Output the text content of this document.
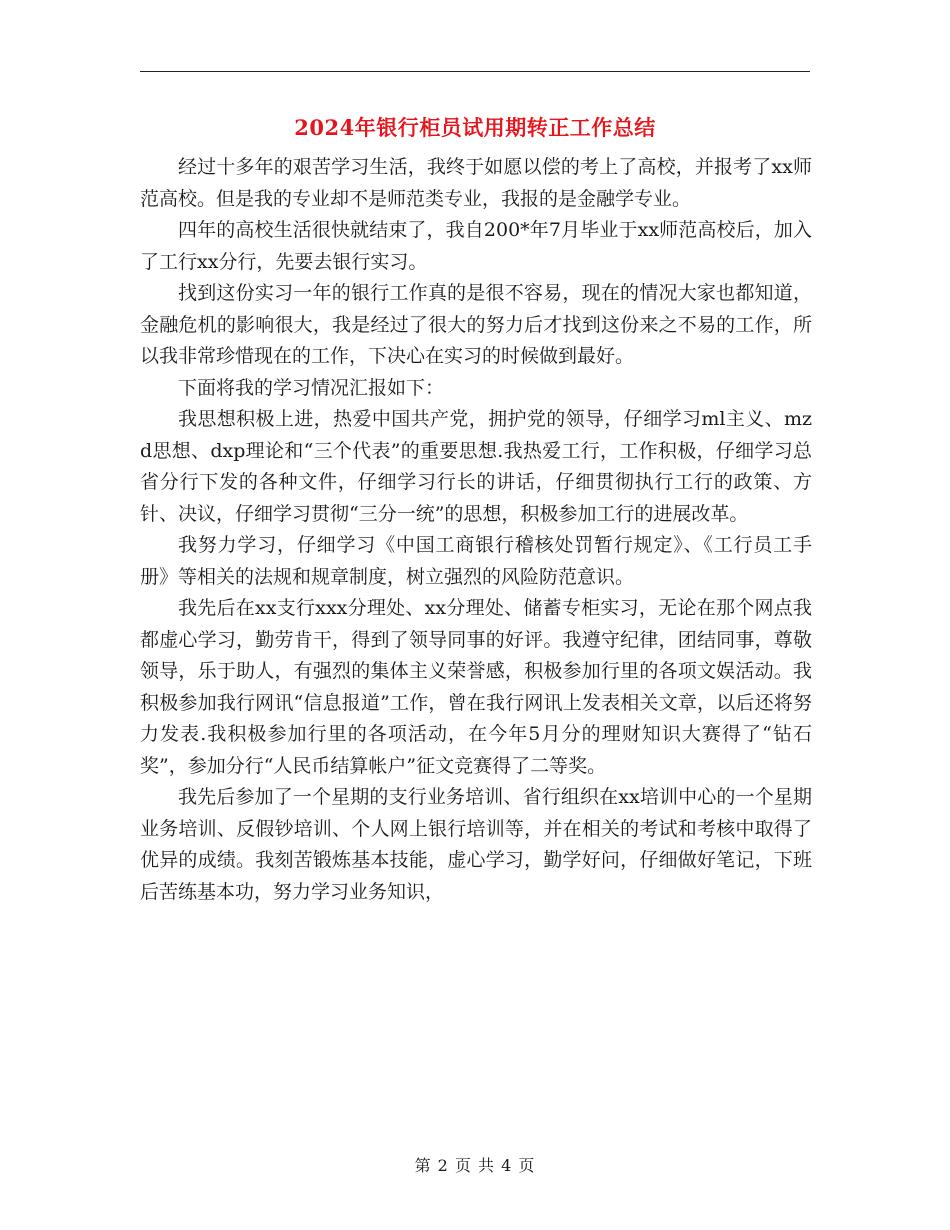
2024年银行柜员试用期转正工作总结

经过十多年的艰苦学习生活，我终于如愿以偿的考上了高校，并报考了xx师范高校。但是我的专业却不是师范类专业，我报的是金融学专业。

四年的高校生活很快就结束了，我自200*年7月毕业于xx师范高校后，加入了工行xx分行，先要去银行实习。

找到这份实习一年的银行工作真的是很不容易，现在的情况大家也都知道，金融危机的影响很大，我是经过了很大的努力后才找到这份来之不易的工作，所以我非常珍惜现在的工作，下决心在实习的时候做到最好。

下面将我的学习情况汇报如下：

我思想积极上进，热爱中国共产党，拥护党的领导，仔细学习ml主义、mzd思想、dxp理论和“三个代表”的重要思想.我热爱工行，工作积极，仔细学习总省分行下发的各种文件，仔细学习行长的讲话，仔细贯彻执行工行的政策、方针、决议，仔细学习贯彻“三分一统”的思想，积极参加工行的进展改革。

我努力学习，仔细学习《中国工商银行稽核处罚暂行规定》、《工行员工手册》等相关的法规和规章制度，树立强烈的风险防范意识。

我先后在xx支行xxx分理处、xx分理处、储蓄专柜实习，无论在那个网点我都虚心学习，勤劳肯干，得到了领导同事的好评。我遵守纪律，团结同事，尊敬领导，乐于助人，有强烈的集体主义荣誉感，积极参加行里的各项文娱活动。我积极参加我行网讯“信息报道”工作，曾在我行网讯上发表相关文章，以后还将努力发表.我积极参加行里的各项活动，在今年5月分的理财知识大赛得了“钻石奖”，参加分行“人民币结算帐户”征文竞赛得了二等奖。

我先后参加了一个星期的支行业务培训、省行组织在xx培训中心的一个星期业务培训、反假钞培训、个人网上银行培训等，并在相关的考试和考核中取得了优异的成绩。我刻苦锻炼基本技能，虚心学习，勤学好问，仔细做好笔记，下班后苦练基本功，努力学习业务知识，

第 2 页 共 4 页
